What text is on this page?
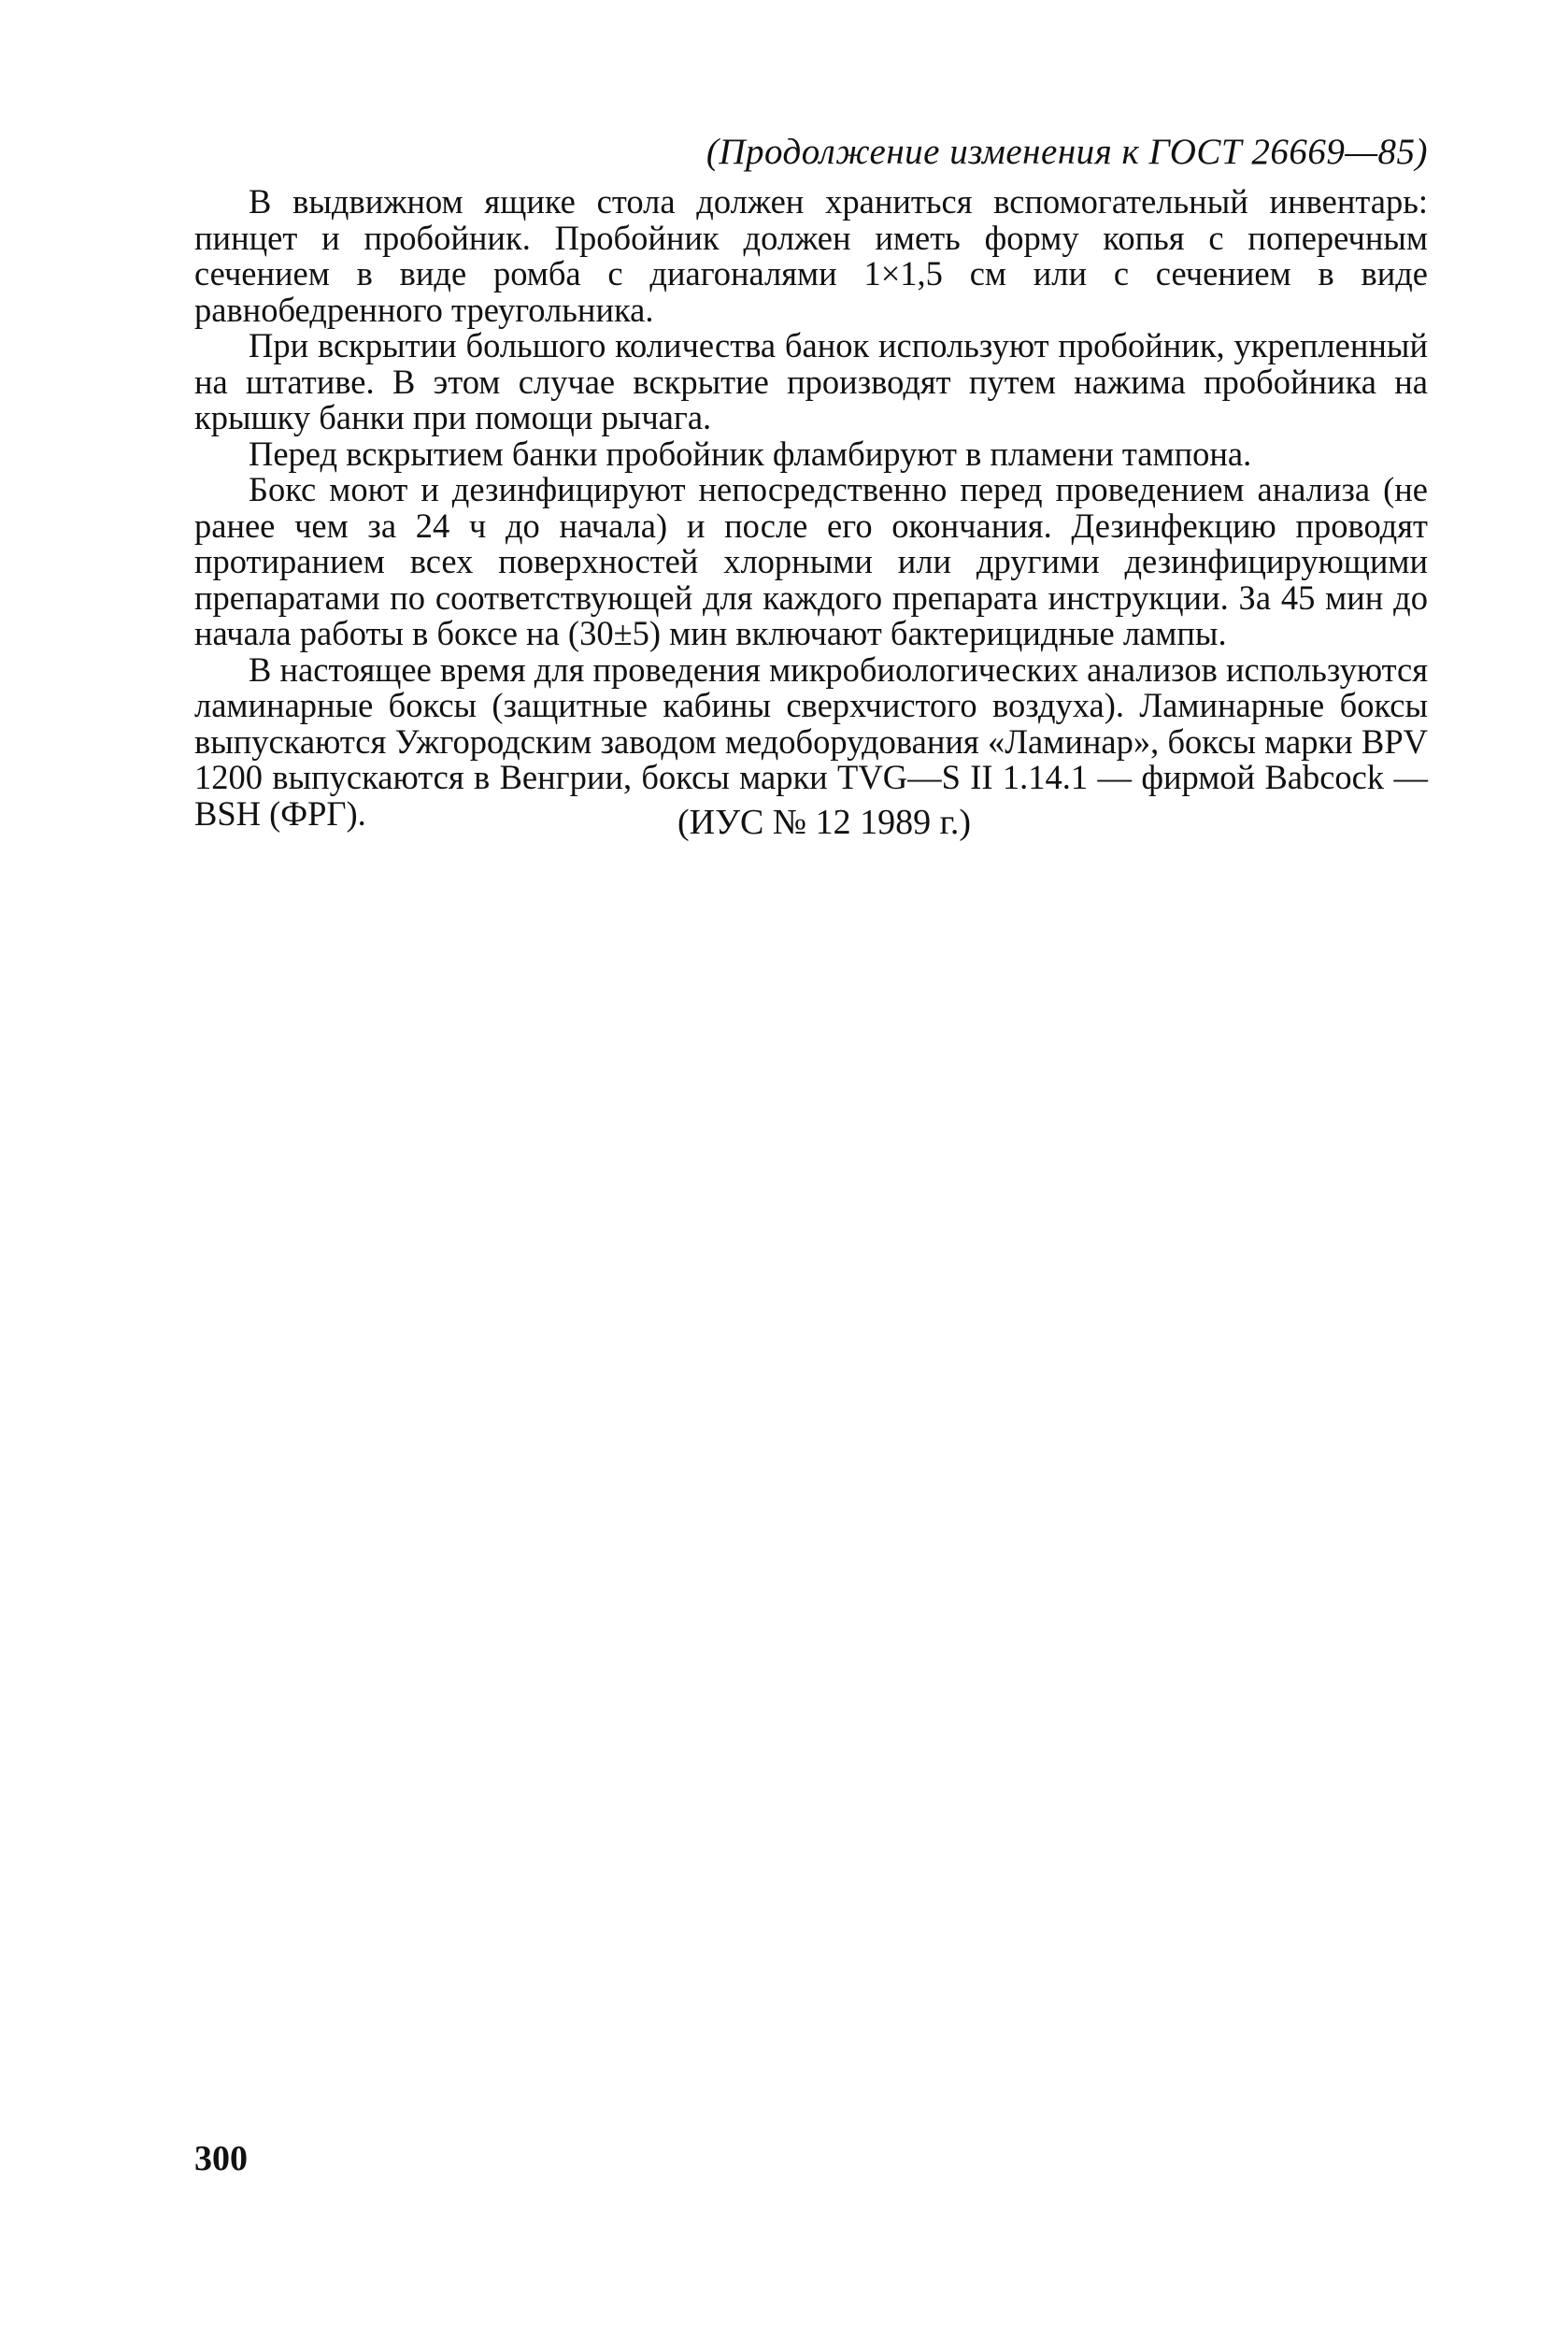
(Продолжение изменения к ГОСТ 26669—85)

В выдвижном ящике стола должен храниться вспомогательный инвентарь: пинцет и пробойник. Пробойник должен иметь форму копья с поперечным сечением в виде ромба с диагоналями 1×1,5 см или с сечением в виде равнобедренного треугольника.

При вскрытии большого количества банок используют пробойник, укрепленный на штативе. В этом случае вскрытие производят путем нажима пробойника на крышку банки при помощи рычага.

Перед вскрытием банки пробойник фламбируют в пламени тампона.

Бокс моют и дезинфицируют непосредственно перед проведением анализа (не ранее чем за 24 ч до начала) и после его окончания. Дезинфекцию проводят протиранием всех поверхностей хлорными или другими дезинфицирующими препаратами по соответствующей для каждого препарата инструкции. За 45 мин до начала работы в боксе на (30±5) мин включают бактерицидные лампы.

В настоящее время для проведения микробиологических анализов используются ламинарные боксы (защитные кабины сверхчистого воздуха). Ламинарные боксы выпускаются Ужгородским заводом медоборудования «Ламинар», боксы марки BPV 1200 выпускаются в Венгрии, боксы марки TVG—S II 1.14.1 — фирмой Babcock — BSH (ФРГ).	(ИУС № 12 1989 г.)
300
